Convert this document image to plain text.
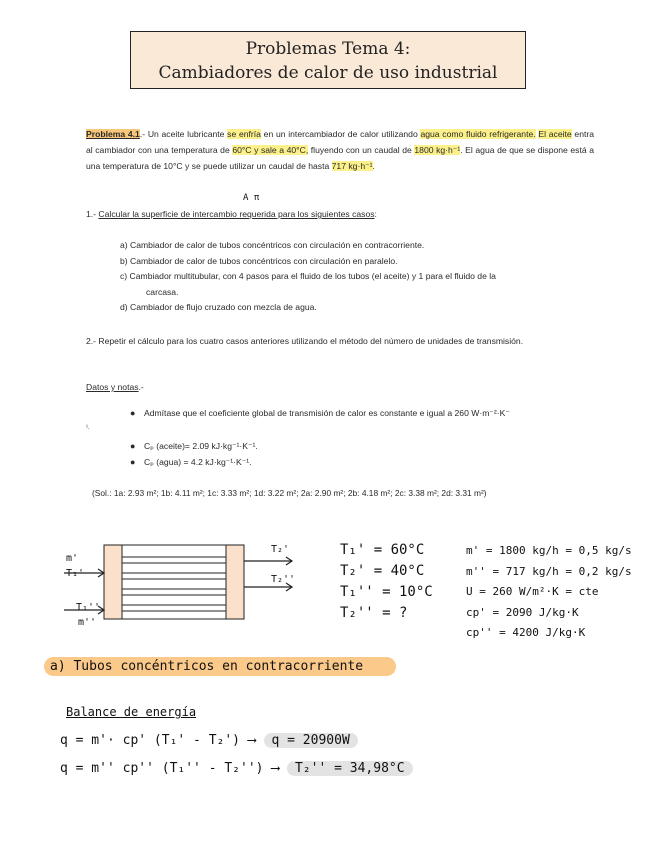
Problemas Tema 4:
Cambiadores de calor de uso industrial
Problema 4.1.- Un aceite lubricante se enfría en un intercambiador de calor utilizando agua como fluido refrigerante. El aceite entra al cambiador con una temperatura de 60°C y sale a 40°C, fluyendo con un caudal de 1800 kg·h⁻¹. El agua de que se dispone está a una temperatura de 10°C y se puede utilizar un caudal de hasta 717 kg·h⁻¹.
A π
1.- Calcular la superficie de intercambio requerida para los siguientes casos:
a) Cambiador de calor de tubos concéntricos con circulación en contracorriente.
b) Cambiador de calor de tubos concéntricos con circulación en paralelo.
c) Cambiador multitubular, con 4 pasos para el fluido de los tubos (el aceite) y 1 para el fluido de la
carcasa.
d) Cambiador de flujo cruzado con mezcla de agua.
2.- Repetir el cálculo para los cuatro casos anteriores utilizando el método del número de unidades de transmisión.
Datos y notas.-
● Admítase que el coeficiente global de transmisión de calor es constante e igual a 260 W·m⁻²·K⁻
¹.
● Cₚ (aceite)= 2.09 kJ·kg⁻¹·K⁻¹.
● Cₚ (agua) = 4.2 kJ·kg⁻¹·K⁻¹.
(Sol.: 1a: 2.93 m²; 1b: 4.11 m²; 1c: 3.33 m²; 1d: 3.22 m²; 2a: 2.90 m²; 2b: 4.18 m²; 2c: 3.38 m²; 2d: 3.31 m²)
m'
T₁'
T₂'
T₂''
T₁''
m''
T₁' = 60°C
T₂' = 40°C
T₁'' = 10°C
T₂'' = ?
m' = 1800 kg/h = 0,5 kg/s
m'' = 717 kg/h = 0,2 kg/s
U = 260 W/m²·K = cte
cp' = 2090 J/kg·K
cp'' = 4200 J/kg·K
a) Tubos concéntricos en contracorriente
Balance de energía
q = m'· cp' (T₁' - T₂') ⟶ q = 20900W
q = m'' cp'' (T₁'' - T₂'') ⟶ T₂'' = 34,98°C
